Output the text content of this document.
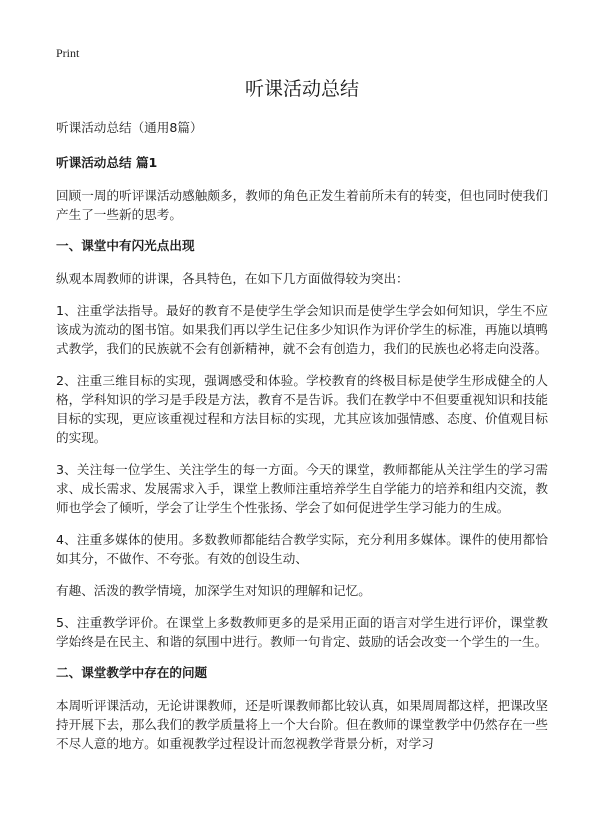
Print
听课活动总结
听课活动总结（通用8篇）
听课活动总结 篇1

回顾一周的听评课活动感触颇多，教师的角色正发生着前所未有的转变，但也同时使我们产生了一些新的思考。

一、课堂中有闪光点出现

纵观本周教师的讲课，各具特色，在如下几方面做得较为突出：

1、注重学法指导。最好的教育不是使学生学会知识而是使学生学会如何知识，学生不应该成为流动的图书馆。如果我们再以学生记住多少知识作为评价学生的标准，再施以填鸭式教学，我们的民族就不会有创新精神，就不会有创造力，我们的民族也必将走向没落。

2、注重三维目标的实现，强调感受和体验。学校教育的终极目标是使学生形成健全的人格，学科知识的学习是手段是方法，教育不是告诉。我们在教学中不但要重视知识和技能目标的实现，更应该重视过程和方法目标的实现，尤其应该加强情感、态度、价值观目标的实现。

3、关注每一位学生、关注学生的每一方面。今天的课堂，教师都能从关注学生的学习需求、成长需求、发展需求入手，课堂上教师注重培养学生自学能力的培养和组内交流，教师也学会了倾听，学会了让学生个性张扬、学会了如何促进学生学习能力的生成。

4、注重多媒体的使用。多数教师都能结合教学实际，充分利用多媒体。课件的使用都恰如其分，不做作、不夸张。有效的创设生动、

有趣、活泼的教学情境，加深学生对知识的理解和记忆。

5、注重教学评价。在课堂上多数教师更多的是采用正面的语言对学生进行评价，课堂教学始终是在民主、和谐的氛围中进行。教师一句肯定、鼓励的话会改变一个学生的一生。

二、课堂教学中存在的问题

本周听评课活动，无论讲课教师，还是听课教师都比较认真，如果周周都这样，把课改坚持开展下去，那么我们的教学质量将上一个大台阶。但在教师的课堂教学中仍然存在一些不尽人意的地方。如重视教学过程设计而忽视教学背景分析，对学习
